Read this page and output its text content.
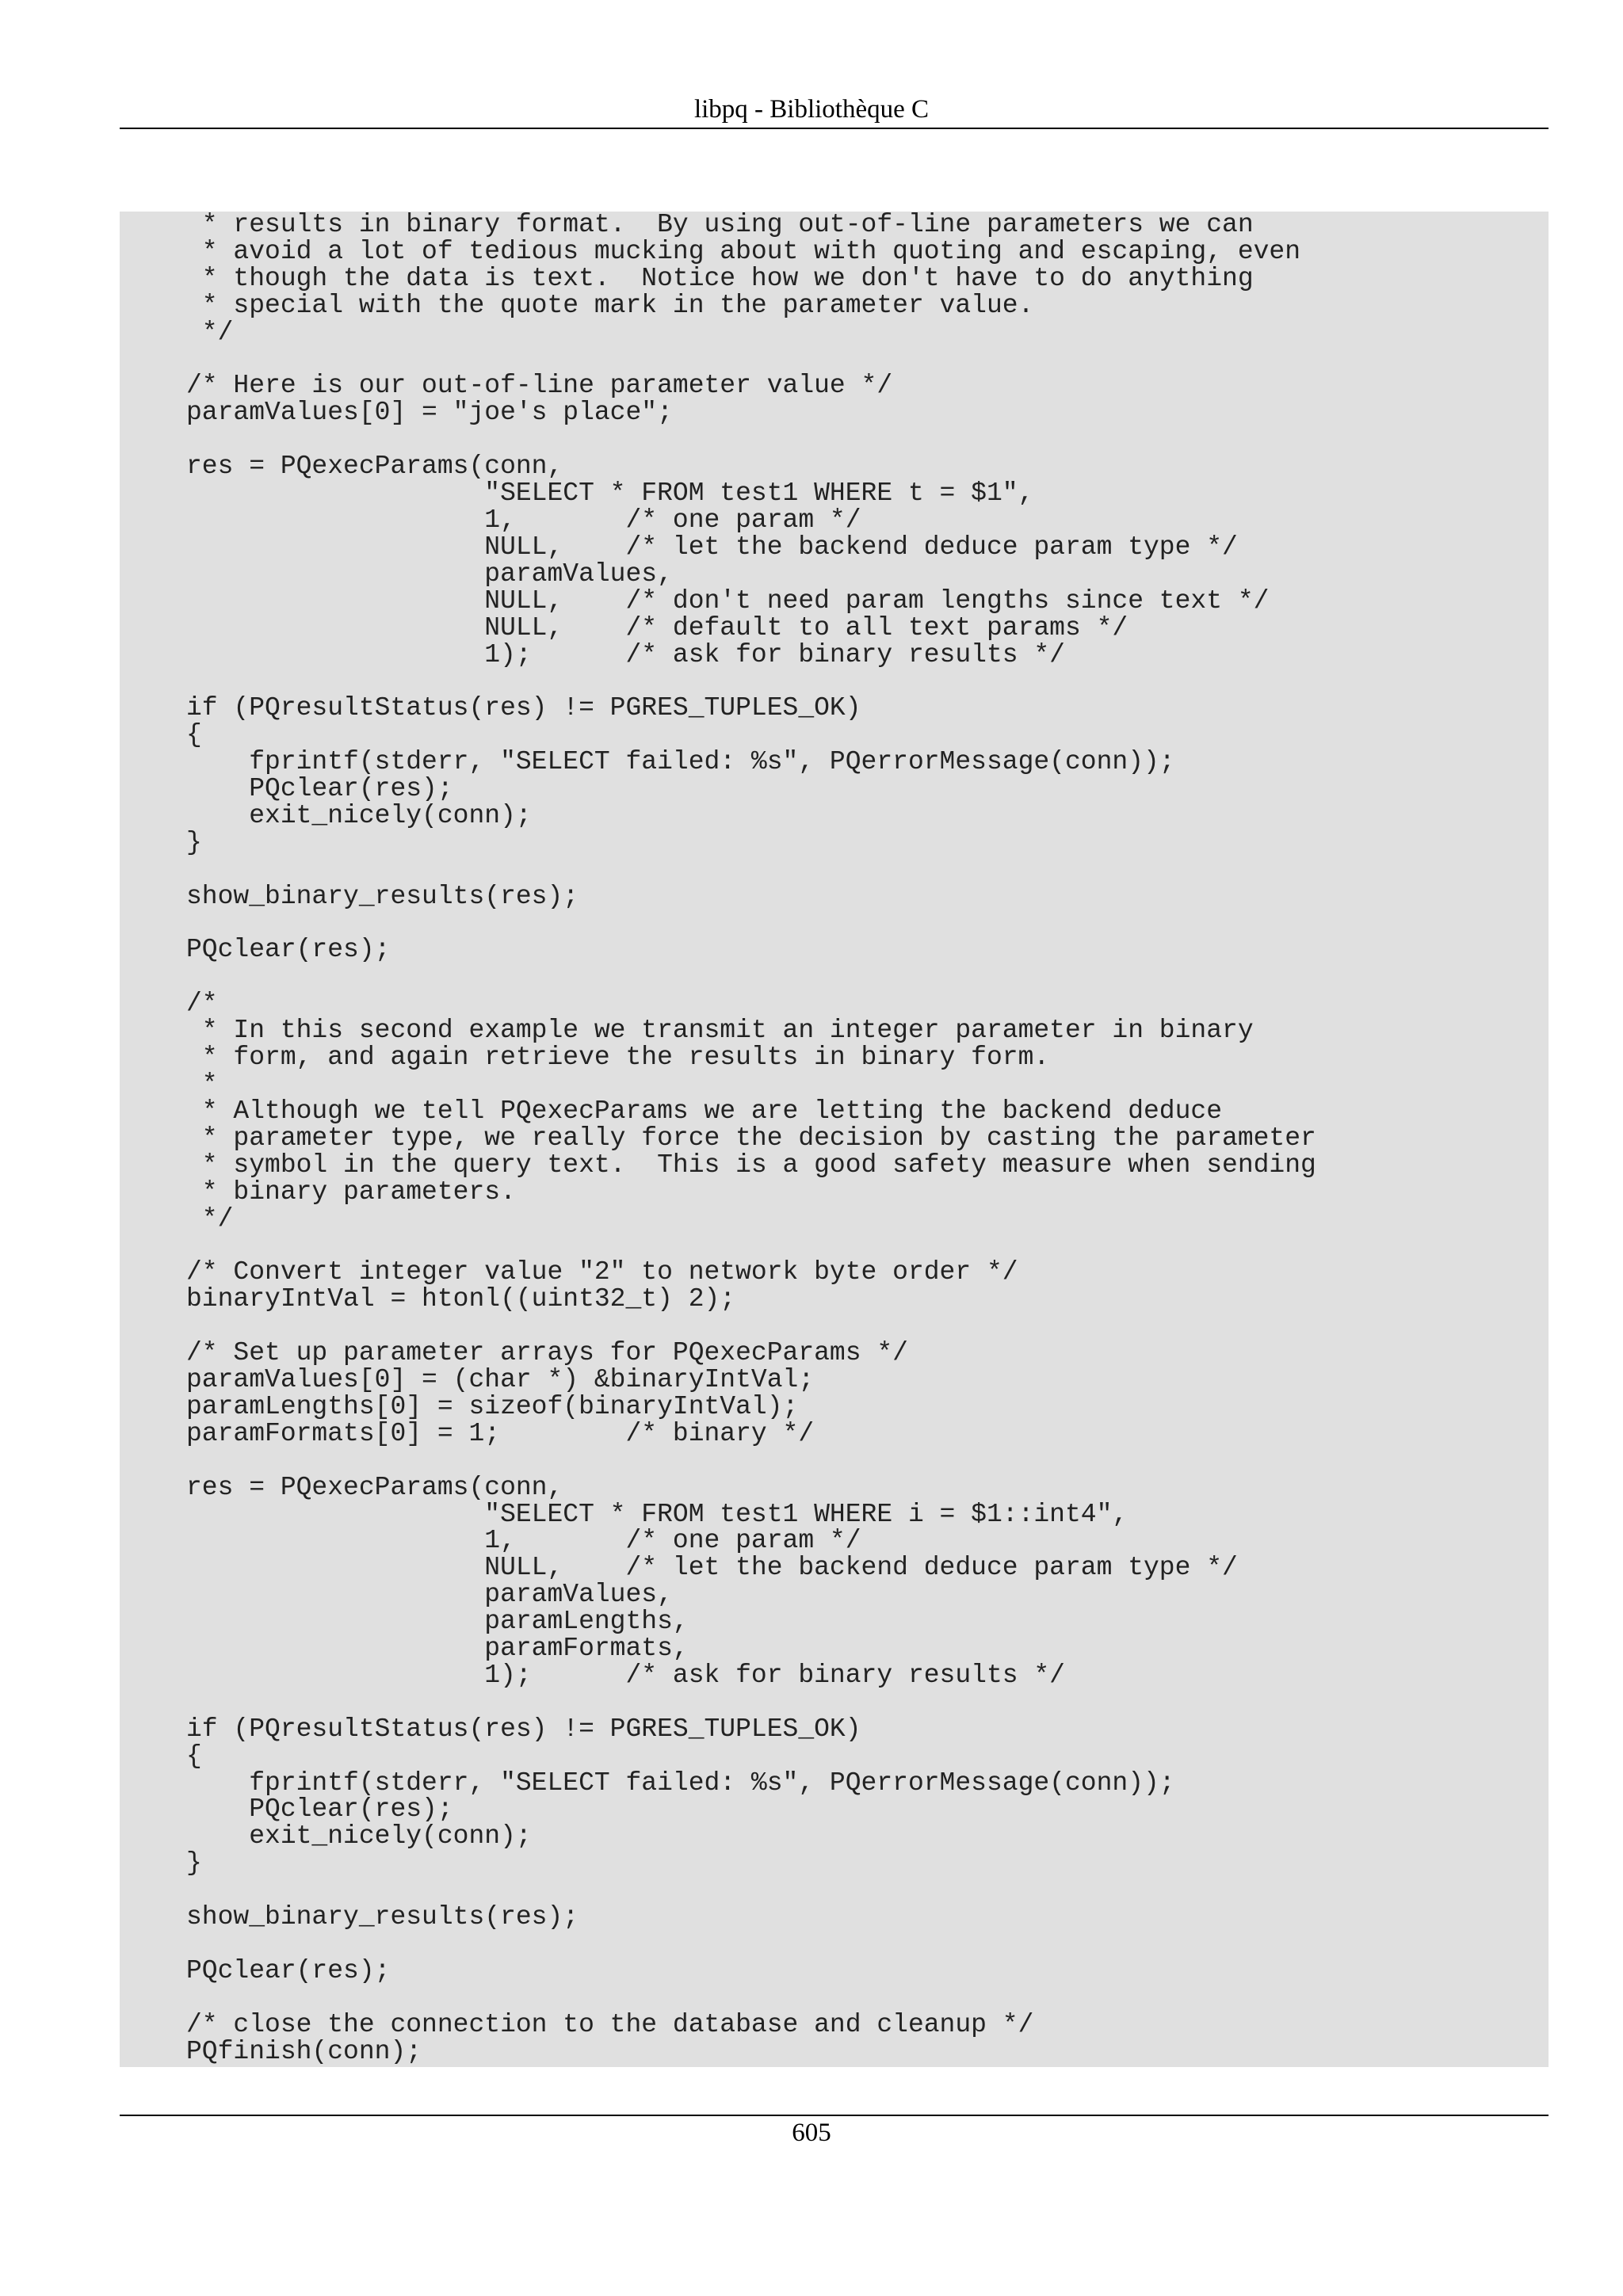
libpq - Bibliothèque C
* results in binary format.  By using out-of-line parameters we can
* avoid a lot of tedious mucking about with quoting and escaping, even
* though the data is text.  Notice how we don't have to do anything
* special with the quote mark in the parameter value.
*/

/* Here is our out-of-line parameter value */
paramValues[0] = "joe's place";

res = PQexecParams(conn,
"SELECT * FROM test1 WHERE t = $1",
1,       /* one param */
NULL,    /* let the backend deduce param type */
paramValues,
NULL,    /* don't need param lengths since text */
NULL,    /* default to all text params */
1);      /* ask for binary results */

if (PQresultStatus(res) != PGRES_TUPLES_OK)
{
fprintf(stderr, "SELECT failed: %s", PQerrorMessage(conn));
PQclear(res);
exit_nicely(conn);
}

show_binary_results(res);

PQclear(res);

/*
* In this second example we transmit an integer parameter in binary
* form, and again retrieve the results in binary form.
*
* Although we tell PQexecParams we are letting the backend deduce
* parameter type, we really force the decision by casting the parameter
* symbol in the query text.  This is a good safety measure when sending
* binary parameters.
*/

/* Convert integer value "2" to network byte order */
binaryIntVal = htonl((uint32_t) 2);

/* Set up parameter arrays for PQexecParams */
paramValues[0] = (char *) &binaryIntVal;
paramLengths[0] = sizeof(binaryIntVal);
paramFormats[0] = 1;        /* binary */

res = PQexecParams(conn,
"SELECT * FROM test1 WHERE i = $1::int4",
1,       /* one param */
NULL,    /* let the backend deduce param type */
paramValues,
paramLengths,
paramFormats,
1);      /* ask for binary results */

if (PQresultStatus(res) != PGRES_TUPLES_OK)
{
fprintf(stderr, "SELECT failed: %s", PQerrorMessage(conn));
PQclear(res);
exit_nicely(conn);
}

show_binary_results(res);

PQclear(res);

/* close the connection to the database and cleanup */
PQfinish(conn);
605
